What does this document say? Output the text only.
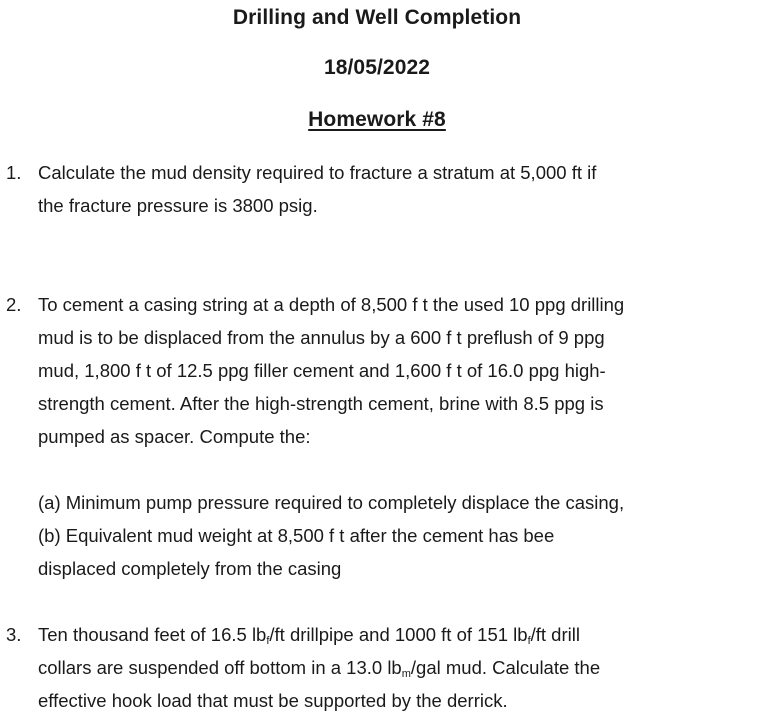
Drilling and Well Completion
18/05/2022
Homework #8
1. Calculate the mud density required to fracture a stratum at 5,000 ft if
the fracture pressure is 3800 psig.
2. To cement a casing string at a depth of 8,500 f t the used 10 ppg drilling
mud is to be displaced from the annulus by a 600 f t preflush of 9 ppg
mud, 1,800 f t of 12.5 ppg filler cement and 1,600 f t of 16.0 ppg high-
strength cement. After the high-strength cement, brine with 8.5 ppg is
pumped as spacer. Compute the:
(a) Minimum pump pressure required to completely displace the casing,
(b) Equivalent mud weight at 8,500 f t after the cement has bee
displaced completely from the casing
3. Ten thousand feet of 16.5 $lb_f/ft$ drillpipe and 1000 ft of 151 $lb_f/ft$ drill
collars are suspended off bottom in a 13.0 $lb_m$/gal mud. Calculate the
effective hook load that must be supported by the derrick.
